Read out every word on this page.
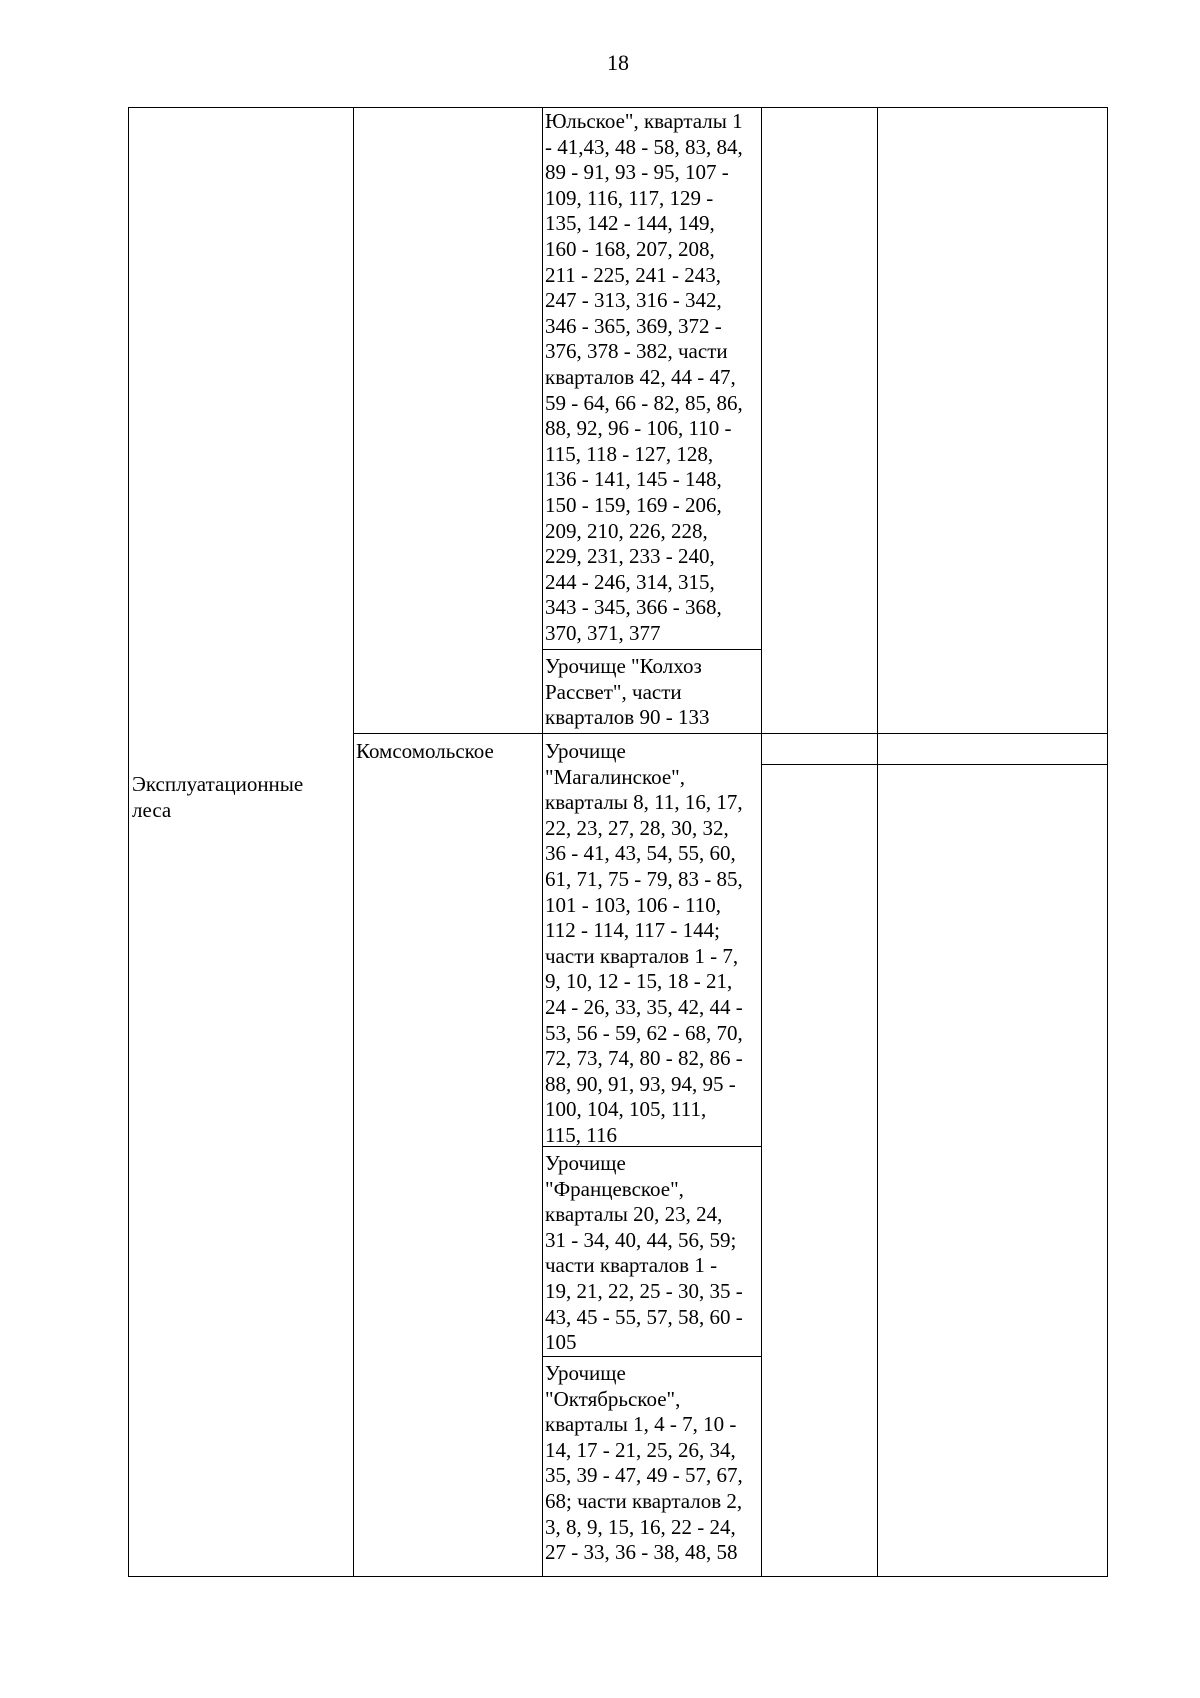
18
Эксплуатационные
леса
Комсомольское
Юльское", кварталы 1
- 41,43, 48 - 58, 83, 84,
89 - 91, 93 - 95, 107 -
109, 116, 117, 129 -
135, 142 - 144, 149,
160 - 168, 207, 208,
211 - 225, 241 - 243,
247 - 313, 316 - 342,
346 - 365, 369, 372 -
376, 378 - 382, части
кварталов 42, 44 - 47,
59 - 64, 66 - 82, 85, 86,
88, 92, 96 - 106, 110 -
115, 118 - 127, 128,
136 - 141, 145 - 148,
150 - 159, 169 - 206,
209, 210, 226, 228,
229, 231, 233 - 240,
244 - 246, 314, 315,
343 - 345, 366 - 368,
370, 371, 377
Урочище "Колхоз
Рассвет", части
кварталов 90 - 133
Урочище
"Магалинское",
кварталы 8, 11, 16, 17,
22, 23, 27, 28, 30, 32,
36 - 41, 43, 54, 55, 60,
61, 71, 75 - 79, 83 - 85,
101 - 103, 106 - 110,
112 - 114, 117 - 144;
части кварталов 1 - 7,
9, 10, 12 - 15, 18 - 21,
24 - 26, 33, 35, 42, 44 -
53, 56 - 59, 62 - 68, 70,
72, 73, 74, 80 - 82, 86 -
88, 90, 91, 93, 94, 95 -
100, 104, 105, 111,
115, 116
Урочище
"Францевское",
кварталы 20, 23, 24,
31 - 34, 40, 44, 56, 59;
части кварталов 1 -
19, 21, 22, 25 - 30, 35 -
43, 45 - 55, 57, 58, 60 -
105
Урочище
"Октябрьское",
кварталы 1, 4 - 7, 10 -
14, 17 - 21, 25, 26, 34,
35, 39 - 47, 49 - 57, 67,
68; части кварталов 2,
3, 8, 9, 15, 16, 22 - 24,
27 - 33, 36 - 38, 48, 58
